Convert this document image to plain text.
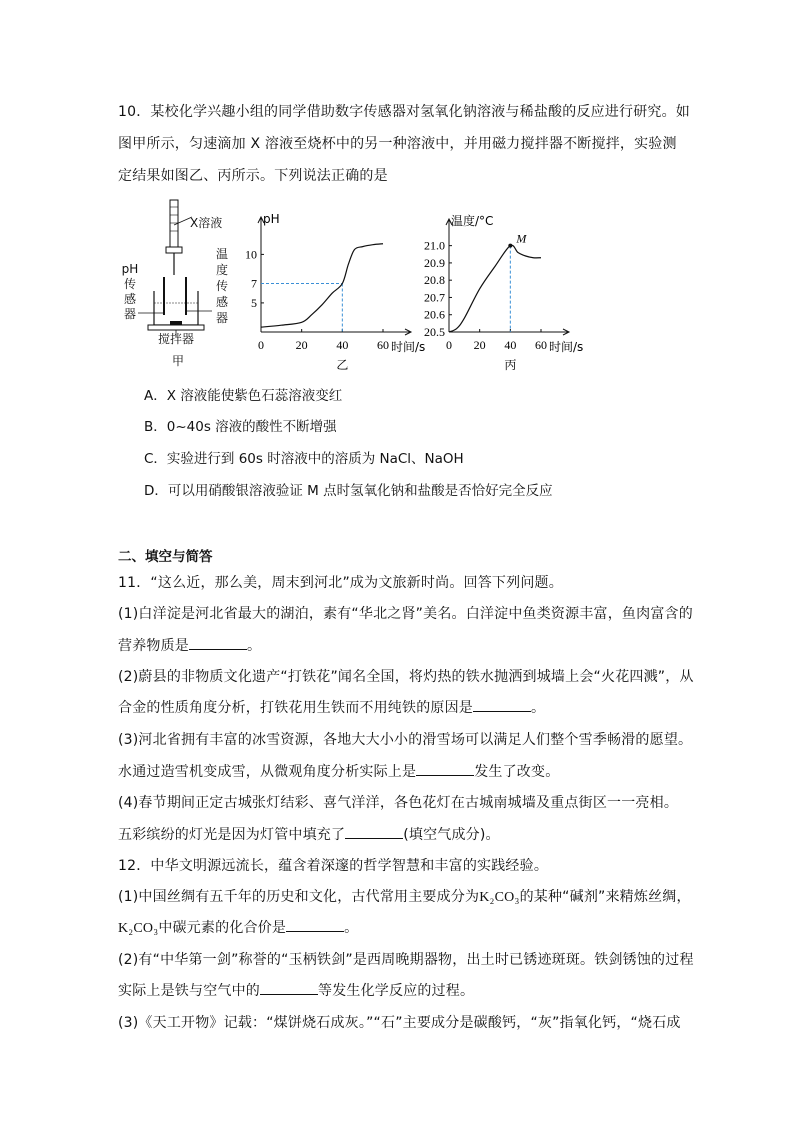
10．某校化学兴趣小组的同学借助数字传感器对氢氧化钠溶液与稀盐酸的反应进行研究。如
图甲所示，匀速滴加 X 溶液至烧杯中的另一种溶液中，并用磁力搅拌器不断搅拌，实验测
定结果如图乙、丙所示。下列说法正确的是
X溶液
pH
传
感
器
温
度
传
感
器
搅拌器
甲
pH
时间/s
0	20 40 60
5
7
10
乙
温度/°C
时间/s
0 20 40 60
20.5
20.6
20.7
20.8
20.9
21.0	M
丙
A．X 溶液能使紫色石蕊溶液变红
B．0~40s 溶液的酸性不断增强
C．实验进行到 60s 时溶液中的溶质为 NaCl、NaOH
D．可以用硝酸银溶液验证 M 点时氢氧化钠和盐酸是否恰好完全反应
二、填空与简答
11．“这么近，那么美，周末到河北”成为文旅新时尚。回答下列问题。
(1)白洋淀是河北省最大的湖泊，素有“华北之肾”美名。白洋淀中鱼类资源丰富，鱼肉富含的
营养物质是	。
(2)蔚县的非物质文化遗产“打铁花”闻名全国，将灼热的铁水抛洒到城墙上会“火花四溅”，从
合金的性质角度分析，打铁花用生铁而不用纯铁的原因是	。
(3)河北省拥有丰富的冰雪资源，各地大大小小的滑雪场可以满足人们整个雪季畅滑的愿望。
水通过造雪机变成雪，从微观角度分析实际上是	发生了改变。
(4)春节期间正定古城张灯结彩、喜气洋洋，各色花灯在古城南城墙及重点街区一一亮相。
五彩缤纷的灯光是因为灯管中填充了	(填空气成分)。
12．中华文明源远流长，蕴含着深邃的哲学智慧和丰富的实践经验。
(1)中国丝绸有五千年的历史和文化，古代常用主要成分为K₂CO₃的某种“碱剂”来精炼丝绸，
K₂CO₃中碳元素的化合价是	。
(2)有“中华第一剑”称誉的“玉柄铁剑”是西周晚期器物，出土时已锈迹斑斑。铁剑锈蚀的过程
实际上是铁与空气中的	等发生化学反应的过程。
(3)《天工开物》记载：“煤饼烧石成灰。”“石”主要成分是碳酸钙，“灰”指氧化钙，“烧石成
